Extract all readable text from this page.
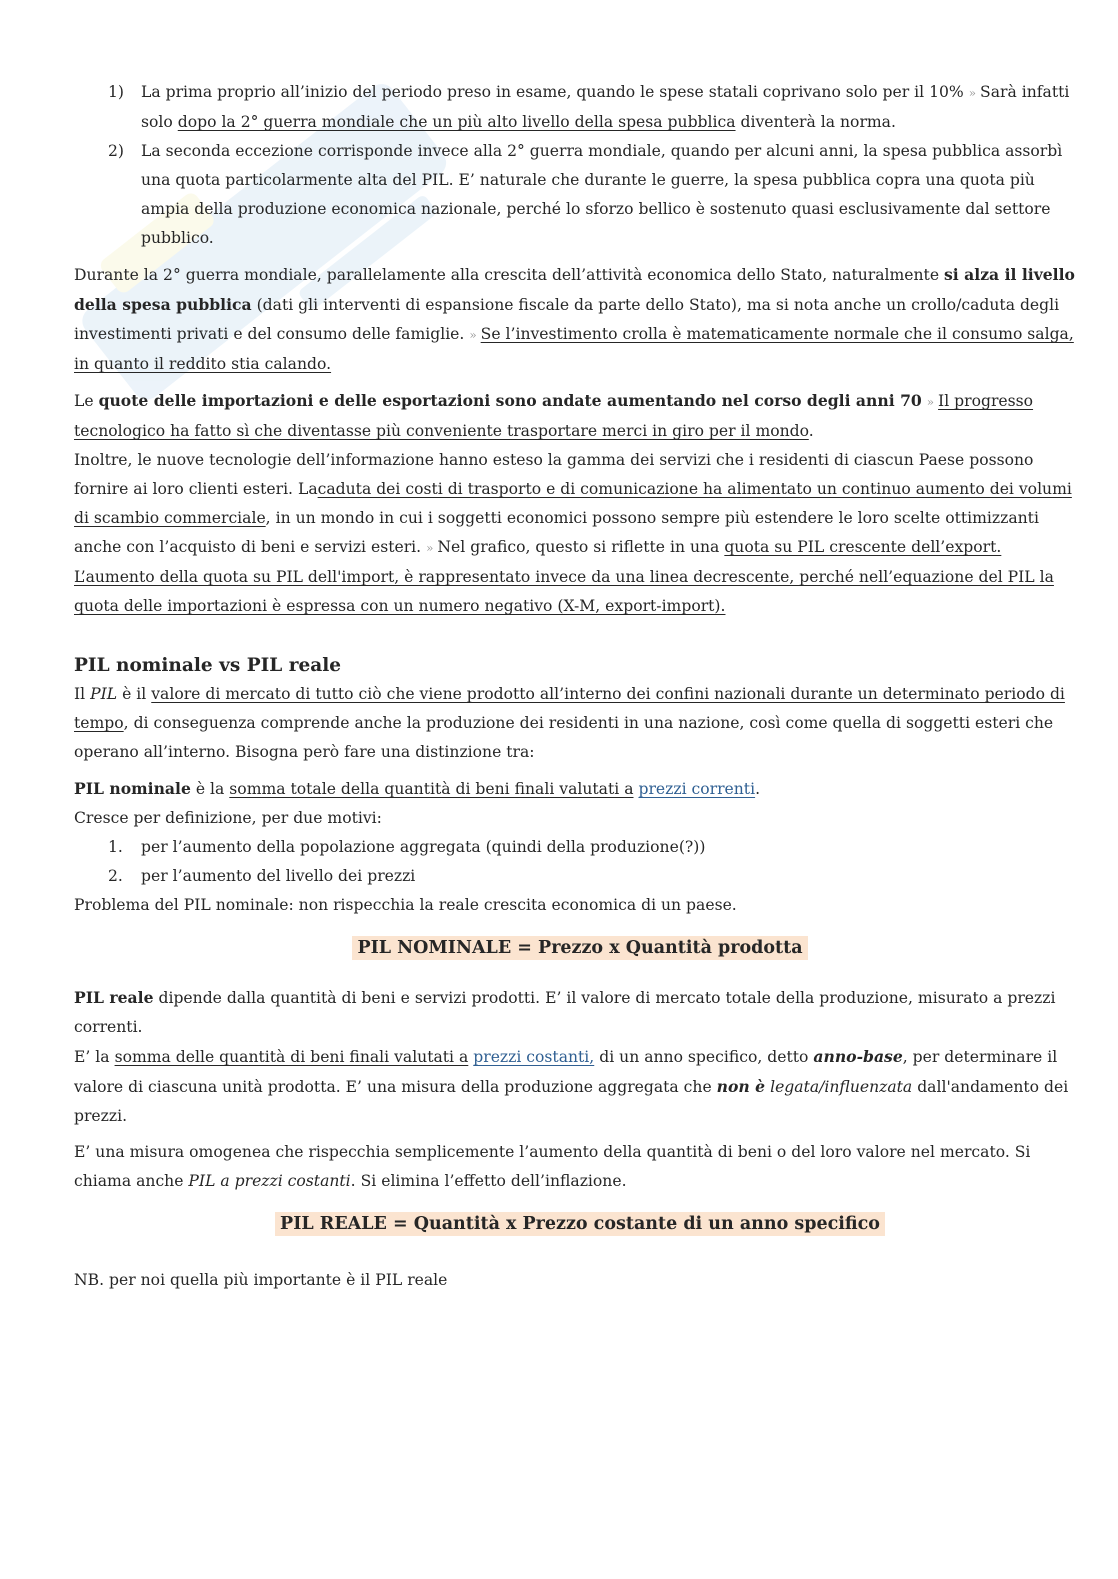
1) La prima proprio all’inizio del periodo preso in esame, quando le spese statali coprivano solo per il 10% » Sarà infatti solo dopo la 2° guerra mondiale che un più alto livello della spesa pubblica diventerà la norma.

2) La seconda eccezione corrisponde invece alla 2° guerra mondiale, quando per alcuni anni, la spesa pubblica assorbì una quota particolarmente alta del PIL. E’ naturale che durante le guerre, la spesa pubblica copra una quota più ampia della produzione economica nazionale, perché lo sforzo bellico è sostenuto quasi esclusivamente dal settore pubblico.

Durante la 2° guerra mondiale, parallelamente alla crescita dell’attività economica dello Stato, naturalmente si alza il livello della spesa pubblica (dati gli interventi di espansione fiscale da parte dello Stato), ma si nota anche un crollo/caduta degli investimenti privati e del consumo delle famiglie. » Se l’investimento crolla è matematicamente normale che il consumo salga, in quanto il reddito stia calando.

Le quote delle importazioni e delle esportazioni sono andate aumentando nel corso degli anni 70 » Il progresso tecnologico ha fatto sì che diventasse più conveniente trasportare merci in giro per il mondo.

Inoltre, le nuove tecnologie dell’informazione hanno esteso la gamma dei servizi che i residenti di ciascun Paese possono fornire ai loro clienti esteri. Lacaduta dei costi di trasporto e di comunicazione ha alimentato un continuo aumento dei volumi di scambio commerciale, in un mondo in cui i soggetti economici possono sempre più estendere le loro scelte ottimizzanti anche con l’acquisto di beni e servizi esteri. » Nel grafico, questo si riflette in una quota su PIL crescente dell’export. L’aumento della quota su PIL dell'import, è rappresentato invece da una linea decrescente, perché nell’equazione del PIL la quota delle importazioni è espressa con un numero negativo (X-M, export-import).

PIL nominale vs PIL reale

Il PIL è il valore di mercato di tutto ciò che viene prodotto all’interno dei confini nazionali durante un determinato periodo di tempo, di conseguenza comprende anche la produzione dei residenti in una nazione, così come quella di soggetti esteri che operano all’interno. Bisogna però fare una distinzione tra:

PIL nominale è la somma totale della quantità di beni finali valutati a prezzi correnti.

Cresce per definizione, per due motivi:

1. per l’aumento della popolazione aggregata (quindi della produzione(?))

2. per l’aumento del livello dei prezzi

Problema del PIL nominale: non rispecchia la reale crescita economica di un paese.

PIL NOMINALE = Prezzo x Quantità prodotta

PIL reale dipende dalla quantità di beni e servizi prodotti. E’ il valore di mercato totale della produzione, misurato a prezzi correnti.

E’ la somma delle quantità di beni finali valutati a prezzi costanti, di un anno specifico, detto anno-base, per determinare il valore di ciascuna unità prodotta. E’ una misura della produzione aggregata che non è legata/influenzata dall'andamento dei prezzi.

E’ una misura omogenea che rispecchia semplicemente l’aumento della quantità di beni o del loro valore nel mercato. Si chiama anche PIL a prezzi costanti. Si elimina l’effetto dell’inflazione.

PIL REALE = Quantità x Prezzo costante di un anno specifico

NB. per noi quella più importante è il PIL reale
